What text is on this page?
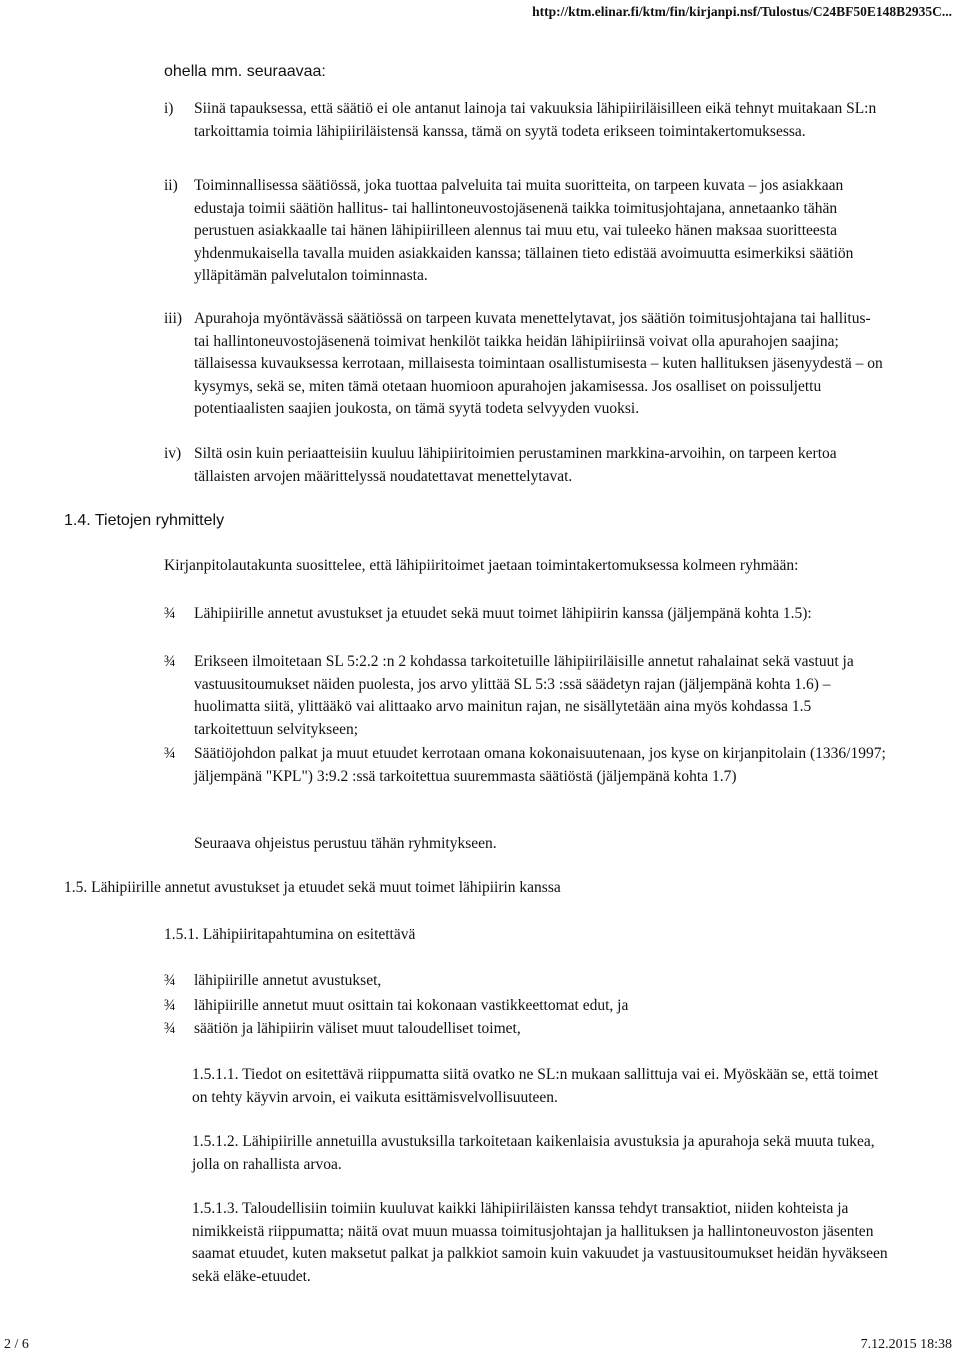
http://ktm.elinar.fi/ktm/fin/kirjanpi.nsf/Tulostus/C24BF50E148B2935C...
ohella mm. seuraavaa:
i) Siinä tapauksessa, että säätiö ei ole antanut lainoja tai vakuuksia lähipiiriläisilleen eikä tehnyt muitakaan SL:n tarkoittamia toimia lähipiiriläistensä kanssa, tämä on syytä todeta erikseen toimintakertomuksessa.
ii) Toiminnallisessa säätiössä, joka tuottaa palveluita tai muita suoritteita, on tarpeen kuvata – jos asiakkaan edustaja toimii säätiön hallitus- tai hallintoneuvostojäsenenä taikka toimitusjohtajana, annetaanko tähän perustuen asiakkaalle tai hänen lähipiirilleen alennus tai muu etu, vai tuleeko hänen maksaa suoritteesta yhdenmukaisella tavalla muiden asiakkaiden kanssa; tällainen tieto edistää avoimuutta esimerkiksi säätiön ylläpitämän palvelutalon toiminnasta.
iii) Apurahoja myöntävässä säätiössä on tarpeen kuvata menettelytavat, jos säätiön toimitusjohtajana tai hallitus- tai hallintoneuvostojäsenenä toimivat henkilöt taikka heidän lähipiiriinsä voivat olla apurahojen saajina; tällaisessa kuvauksessa kerrotaan, millaisesta toimintaan osallistumisesta – kuten hallituksen jäsenyydestä – on kysymys, sekä se, miten tämä otetaan huomioon apurahojen jakamisessa. Jos osalliset on poissuljettu potentiaalisten saajien joukosta, on tämä syytä todeta selvyyden vuoksi.
iv) Siltä osin kuin periaatteisiin kuuluu lähipiiritoimien perustaminen markkina-arvoihin, on tarpeen kertoa tällaisten arvojen määrittelyssä noudatettavat menettelytavat.
1.4. Tietojen ryhmittely
Kirjanpitolautakunta suosittelee, että lähipiiritoimet jaetaan toimintakertomuksessa kolmeen ryhmään:
¾ Lähipiirille annetut avustukset ja etuudet sekä muut toimet lähipiirin kanssa (jäljempänä kohta 1.5):
¾ Erikseen ilmoitetaan SL 5:2.2 :n 2 kohdassa tarkoitetuille lähipiiriläisille annetut rahalainat sekä vastuut ja vastuusitoumukset näiden puolesta, jos arvo ylittää SL 5:3 :ssä säädetyn rajan (jäljempänä kohta 1.6) – huolimatta siitä, ylittääkö vai alittaako arvo mainitun rajan, ne sisällytetään aina myös kohdassa 1.5 tarkoitettuun selvitykseen;
¾ Säätiöjohdon palkat ja muut etuudet kerrotaan omana kokonaisuutenaan, jos kyse on kirjanpitolain (1336/1997; jäljempänä "KPL") 3:9.2 :ssä tarkoitettua suuremmasta säätiöstä (jäljempänä kohta 1.7)
Seuraava ohjeistus perustuu tähän ryhmitykseen.
1.5. Lähipiirille annetut avustukset ja etuudet sekä muut toimet lähipiirin kanssa
1.5.1. Lähipiiritapahtumina on esitettävä
¾ lähipiirille annetut avustukset,
¾ lähipiirille annetut muut osittain tai kokonaan vastikkeettomat edut, ja
¾ säätiön ja lähipiirin väliset muut taloudelliset toimet,
1.5.1.1. Tiedot on esitettävä riippumatta siitä ovatko ne SL:n mukaan sallittuja vai ei. Myöskään se, että toimet on tehty käyvin arvoin, ei vaikuta esittämisvelvollisuuteen.
1.5.1.2. Lähipiirille annetuilla avustuksilla tarkoitetaan kaikenlaisia avustuksia ja apurahoja sekä muuta tukea, jolla on rahallista arvoa.
1.5.1.3. Taloudellisiin toimiin kuuluvat kaikki lähipiiriläisten kanssa tehdyt transaktiot, niiden kohteista ja nimikkeistä riippumatta; näitä ovat muun muassa toimitusjohtajan ja hallituksen ja hallintoneuvoston jäsenten saamat etuudet, kuten maksetut palkat ja palkkiot samoin kuin vakuudet ja vastuusitoumukset heidän hyväkseen sekä eläke-etuudet.
2 / 6	7.12.2015 18:38
